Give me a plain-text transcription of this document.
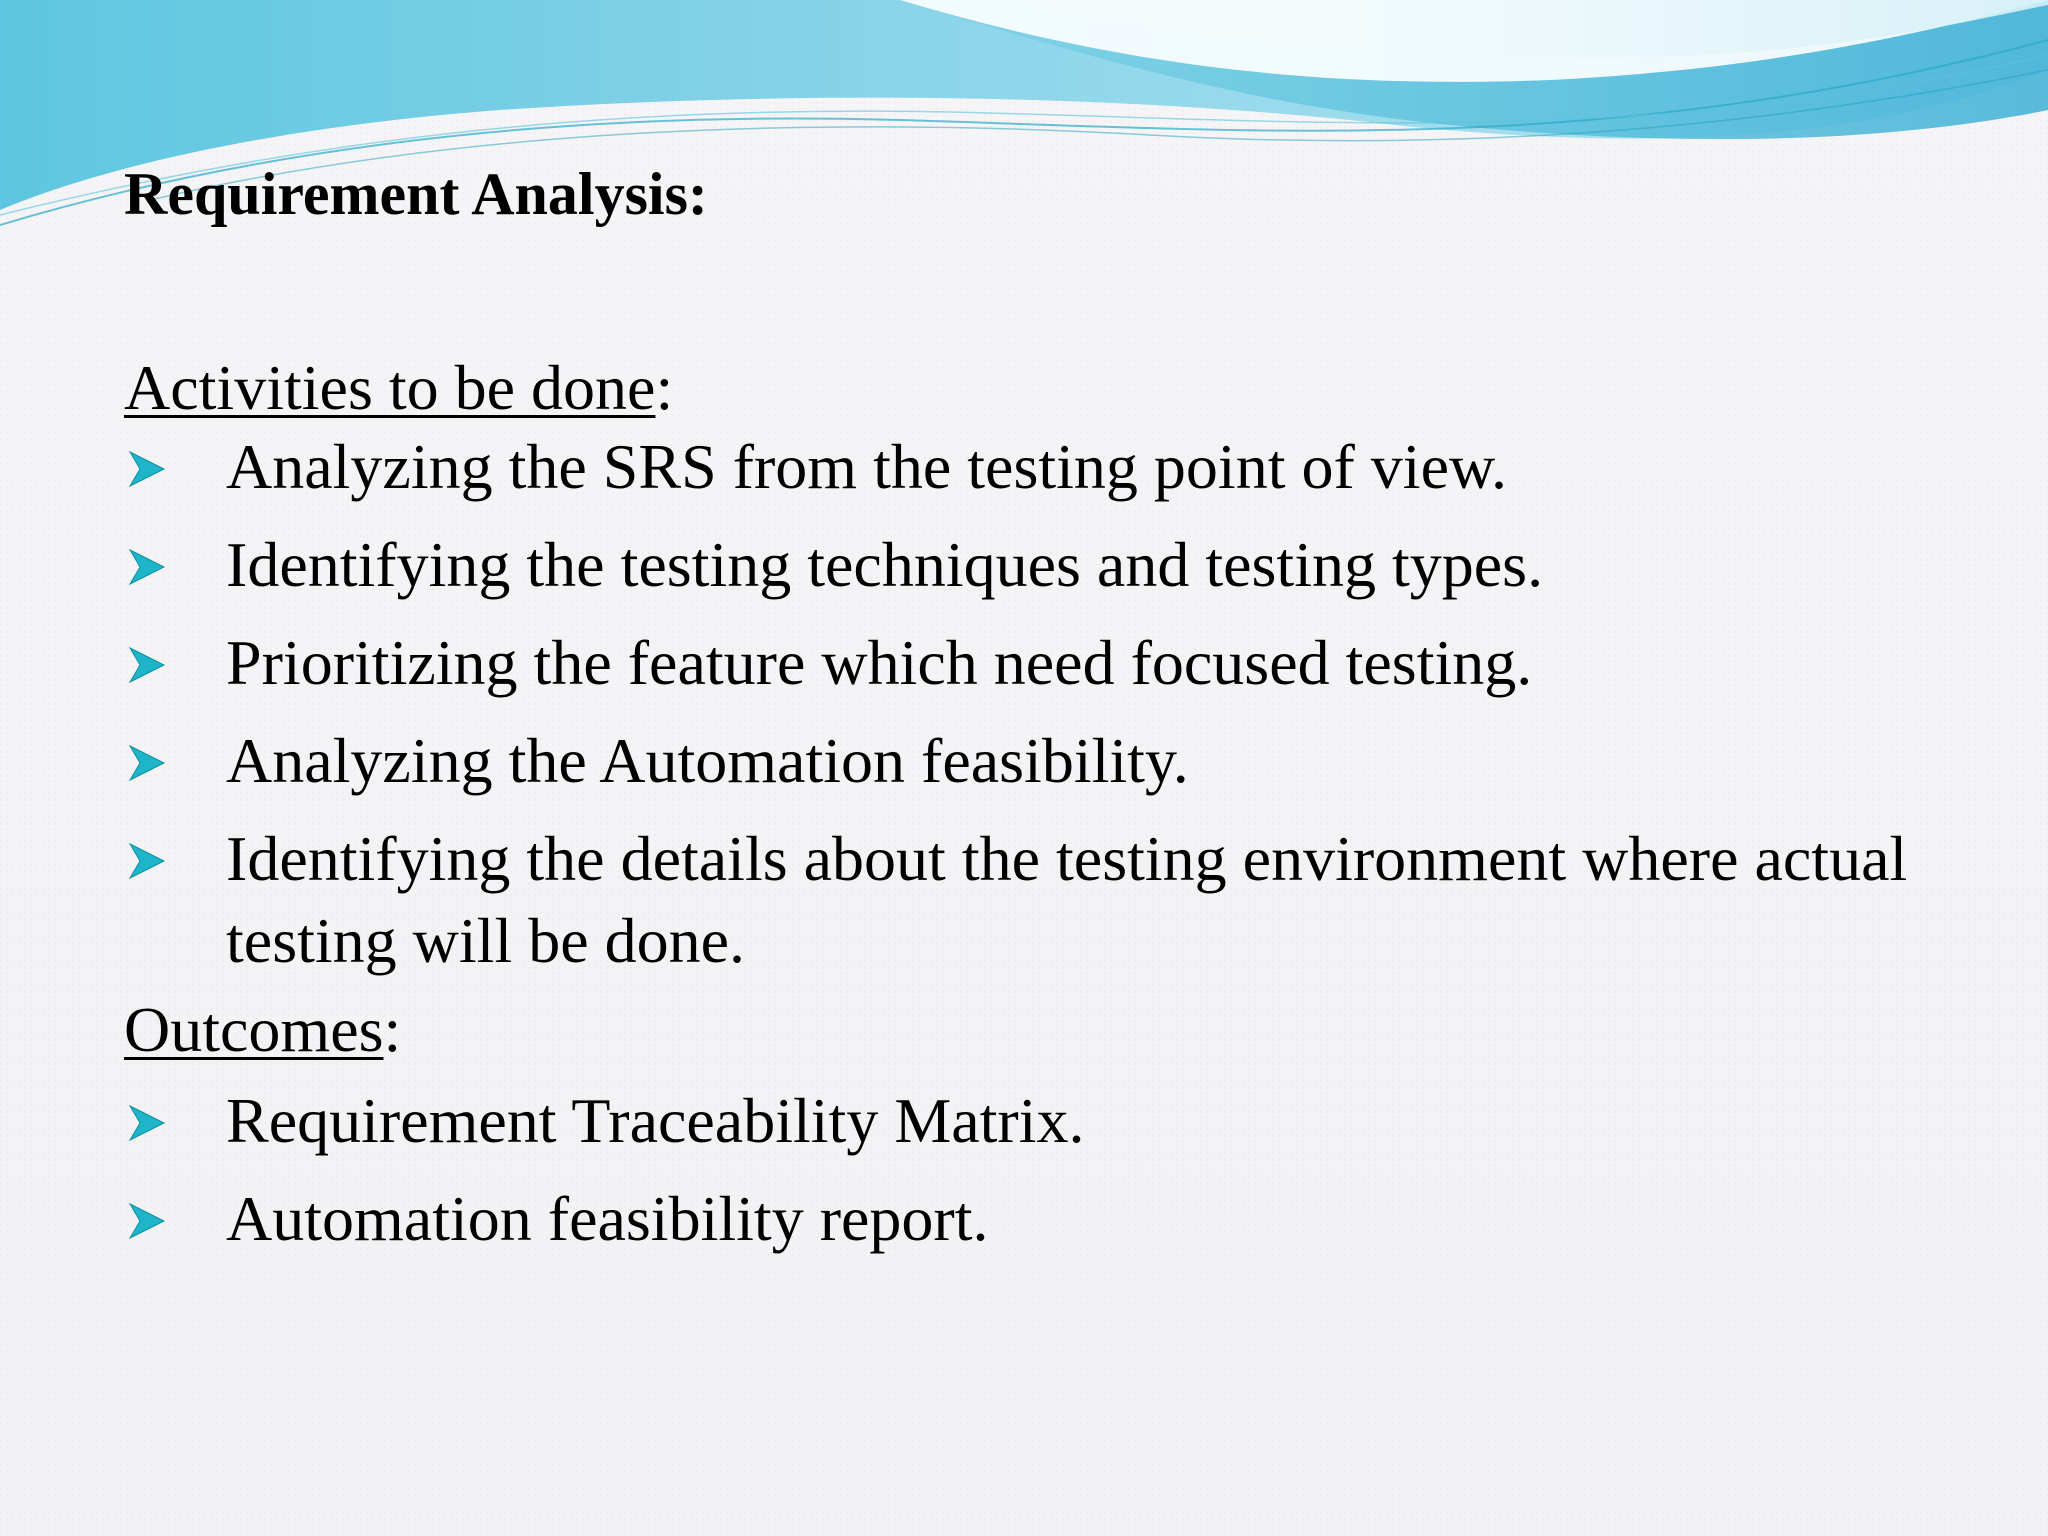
Requirement Analysis:

Activities to be done:

Analyzing the SRS from the testing point of view.
Identifying the testing techniques and testing types.
Prioritizing the feature which need focused testing.
Analyzing the Automation feasibility.
Identifying the details about the testing environment where actual testing will be done.

Outcomes:

Requirement Traceability Matrix.
Automation feasibility report.
